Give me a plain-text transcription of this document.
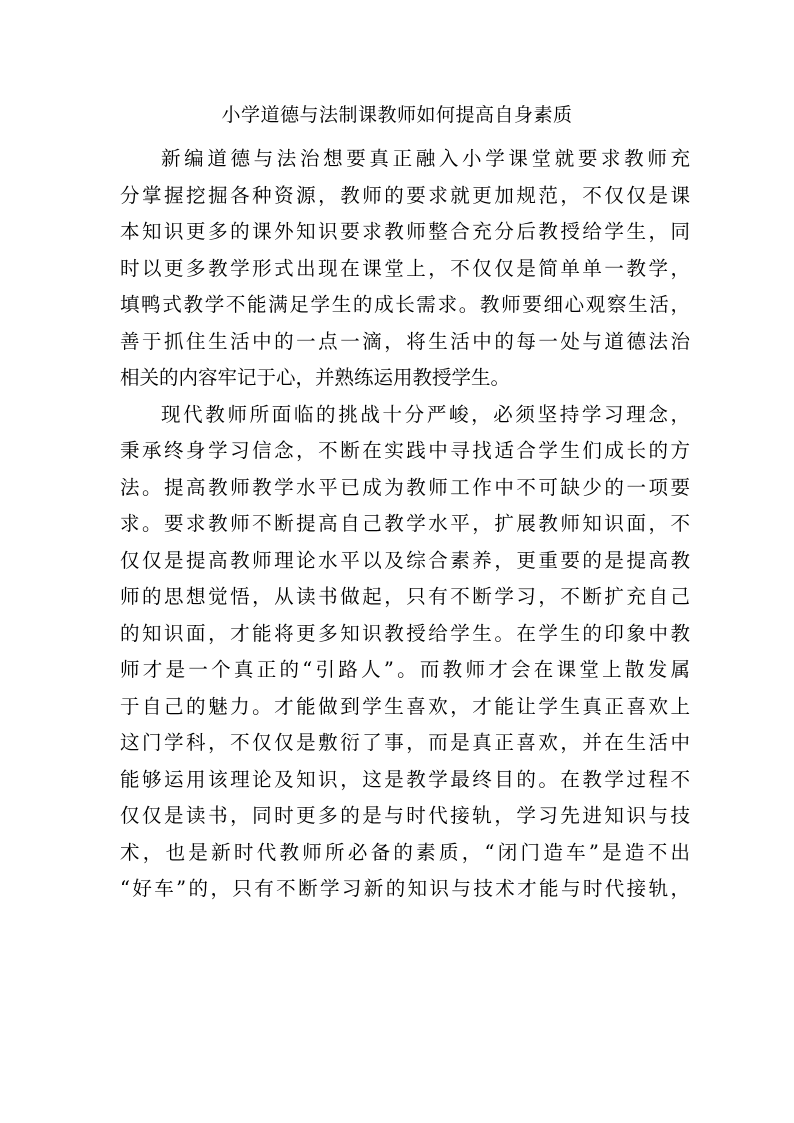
小学道德与法制课教师如何提高自身素质
新编道德与法治想要真正融入小学课堂就要求教师充
分掌握挖掘各种资源，教师的要求就更加规范，不仅仅是课
本知识更多的课外知识要求教师整合充分后教授给学生，同
时以更多教学形式出现在课堂上，不仅仅是简单单一教学，
填鸭式教学不能满足学生的成长需求。教师要细心观察生活，
善于抓住生活中的一点一滴，将生活中的每一处与道德法治
相关的内容牢记于心，并熟练运用教授学生。
现代教师所面临的挑战十分严峻，必须坚持学习理念，
秉承终身学习信念，不断在实践中寻找适合学生们成长的方
法。提高教师教学水平已成为教师工作中不可缺少的一项要
求。要求教师不断提高自己教学水平，扩展教师知识面，不
仅仅是提高教师理论水平以及综合素养，更重要的是提高教
师的思想觉悟，从读书做起，只有不断学习，不断扩充自己
的知识面，才能将更多知识教授给学生。在学生的印象中教
师才是一个真正的“引路人”。而教师才会在课堂上散发属
于自己的魅力。才能做到学生喜欢，才能让学生真正喜欢上
这门学科，不仅仅是敷衍了事，而是真正喜欢，并在生活中
能够运用该理论及知识，这是教学最终目的。在教学过程不
仅仅是读书，同时更多的是与时代接轨，学习先进知识与技
术，也是新时代教师所必备的素质，“闭门造车”是造不出
“好车”的，只有不断学习新的知识与技术才能与时代接轨，
